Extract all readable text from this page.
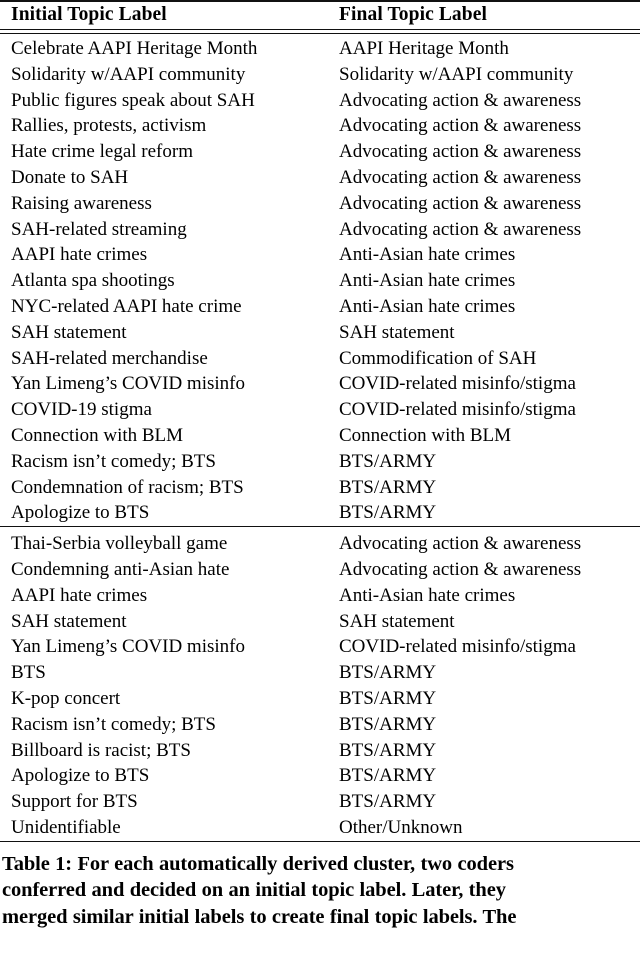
Initial Topic Label	Final Topic Label

Celebrate AAPI Heritage Month	AAPI Heritage Month
Solidarity w/AAPI community	Solidarity w/AAPI community
Public figures speak about SAH	Advocating action & awareness
Rallies, protests, activism	Advocating action & awareness
Hate crime legal reform	Advocating action & awareness
Donate to SAH	Advocating action & awareness
Raising awareness	Advocating action & awareness
SAH-related streaming	Advocating action & awareness
AAPI hate crimes	Anti-Asian hate crimes
Atlanta spa shootings	Anti-Asian hate crimes
NYC-related AAPI hate crime	Anti-Asian hate crimes
SAH statement	SAH statement
SAH-related merchandise	Commodification of SAH
Yan Limeng’s COVID misinfo	COVID-related misinfo/stigma
COVID-19 stigma	COVID-related misinfo/stigma
Connection with BLM	Connection with BLM
Racism isn’t comedy; BTS	BTS/ARMY
Condemnation of racism; BTS	BTS/ARMY
Apologize to BTS	BTS/ARMY

Thai-Serbia volleyball game	Advocating action & awareness
Condemning anti-Asian hate	Advocating action & awareness
AAPI hate crimes	Anti-Asian hate crimes
SAH statement	SAH statement
Yan Limeng’s COVID misinfo	COVID-related misinfo/stigma
BTS	BTS/ARMY
K-pop concert	BTS/ARMY
Racism isn’t comedy; BTS	BTS/ARMY
Billboard is racist; BTS	BTS/ARMY
Apologize to BTS	BTS/ARMY
Support for BTS	BTS/ARMY
Unidentifiable	Other/Unknown

Table 1: For each automatically derived cluster, two coders
conferred and decided on an initial topic label. Later, they
merged similar initial labels to create final topic labels. The
